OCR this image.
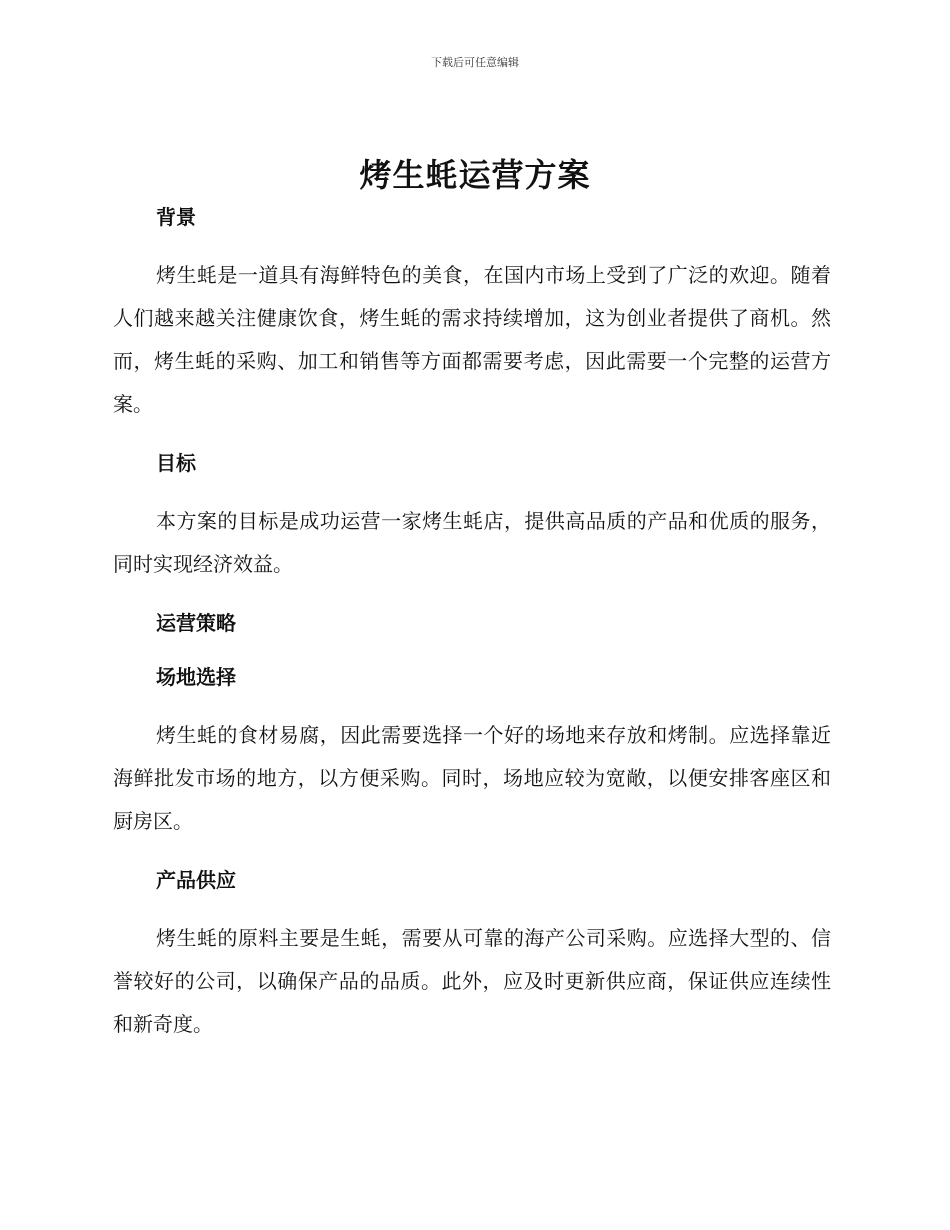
下载后可任意编辑
烤生蚝运营方案
背景

烤生蚝是一道具有海鲜特色的美食，在国内市场上受到了广泛的欢迎。随着人们越来越关注健康饮食，烤生蚝的需求持续增加，这为创业者提供了商机。然而，烤生蚝的采购、加工和销售等方面都需要考虑，因此需要一个完整的运营方案。

目标

本方案的目标是成功运营一家烤生蚝店，提供高品质的产品和优质的服务，同时实现经济效益。

运营策略
场地选择

烤生蚝的食材易腐，因此需要选择一个好的场地来存放和烤制。应选择靠近海鲜批发市场的地方，以方便采购。同时，场地应较为宽敞，以便安排客座区和厨房区。

产品供应

烤生蚝的原料主要是生蚝，需要从可靠的海产公司采购。应选择大型的、信誉较好的公司，以确保产品的品质。此外，应及时更新供应商，保证供应连续性和新奇度。
